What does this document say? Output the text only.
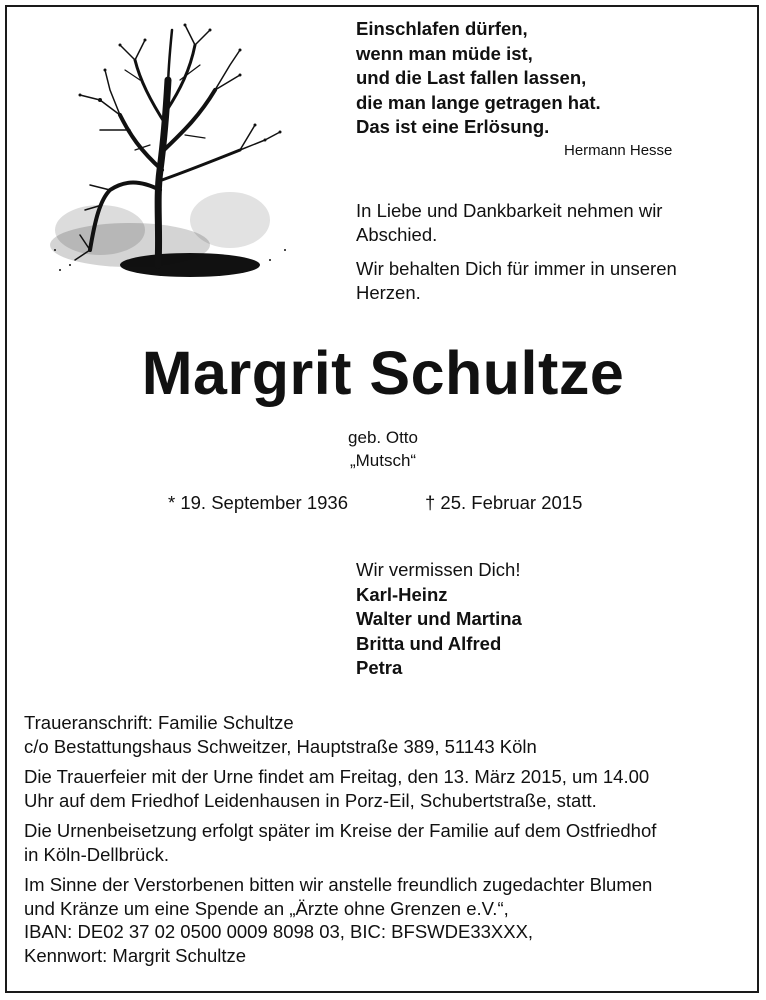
Einschlafen dürfen,
wenn man müde ist,
und die Last fallen lassen,
die man lange getragen hat.
Das ist eine Erlösung.
Hermann Hesse

In Liebe und Dankbarkeit nehmen wir
Abschied.

Wir behalten Dich für immer in unseren
Herzen.

Margrit Schultze
geb. Otto
„Mutsch“
* 19. September 1936	† 25. Februar 2015
Wir vermissen Dich!
Karl-Heinz
Walter und Martina
Britta und Alfred
Petra

Traueranschrift: Familie Schultze
c/o Bestattungshaus Schweitzer, Hauptstraße 389, 51143 Köln

Die Trauerfeier mit der Urne findet am Freitag, den 13. März 2015, um 14.00
Uhr auf dem Friedhof Leidenhausen in Porz-Eil, Schubertstraße, statt.

Die Urnenbeisetzung erfolgt später im Kreise der Familie auf dem Ostfriedhof
in Köln-Dellbrück.

Im Sinne der Verstorbenen bitten wir anstelle freundlich zugedachter Blumen
und Kränze um eine Spende an „Ärzte ohne Grenzen e.V.“,
IBAN: DE02 37 02 0500 0009 8098 03, BIC: BFSWDE33XXX,
Kennwort: Margrit Schultze
